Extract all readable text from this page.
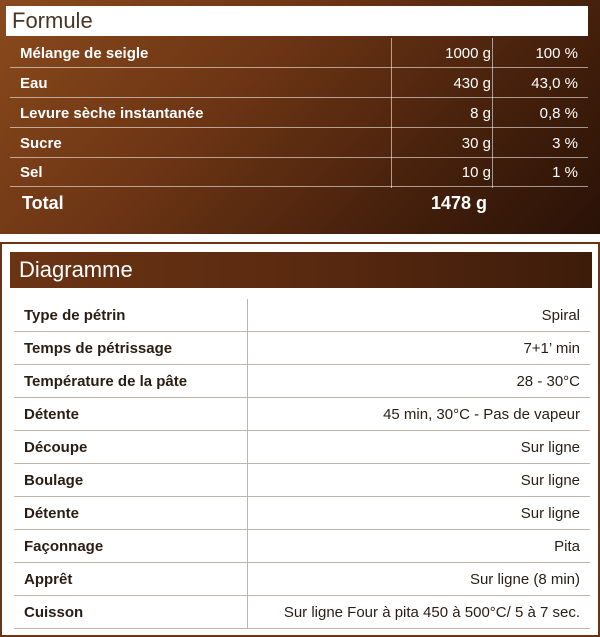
Formule
Mélange de seigle	1000 g	100 %
Eau	430 g	43,0 %
Levure sèche instantanée	8 g	0,8 %
Sucre	30 g	3 %
Sel	10 g	1 %
Total	1478 g
Diagramme
Type de pétrin	Spiral
Temps de pétrissage	7+1’ min
Température de la pâte	28 - 30°C
Détente	45 min, 30°C - Pas de vapeur
Découpe	Sur ligne
Boulage	Sur ligne
Détente	Sur ligne
Façonnage	Pita
Apprêt	Sur ligne (8 min)
Cuisson	Sur ligne Four à pita 450 à 500°C/ 5 à 7 sec.
